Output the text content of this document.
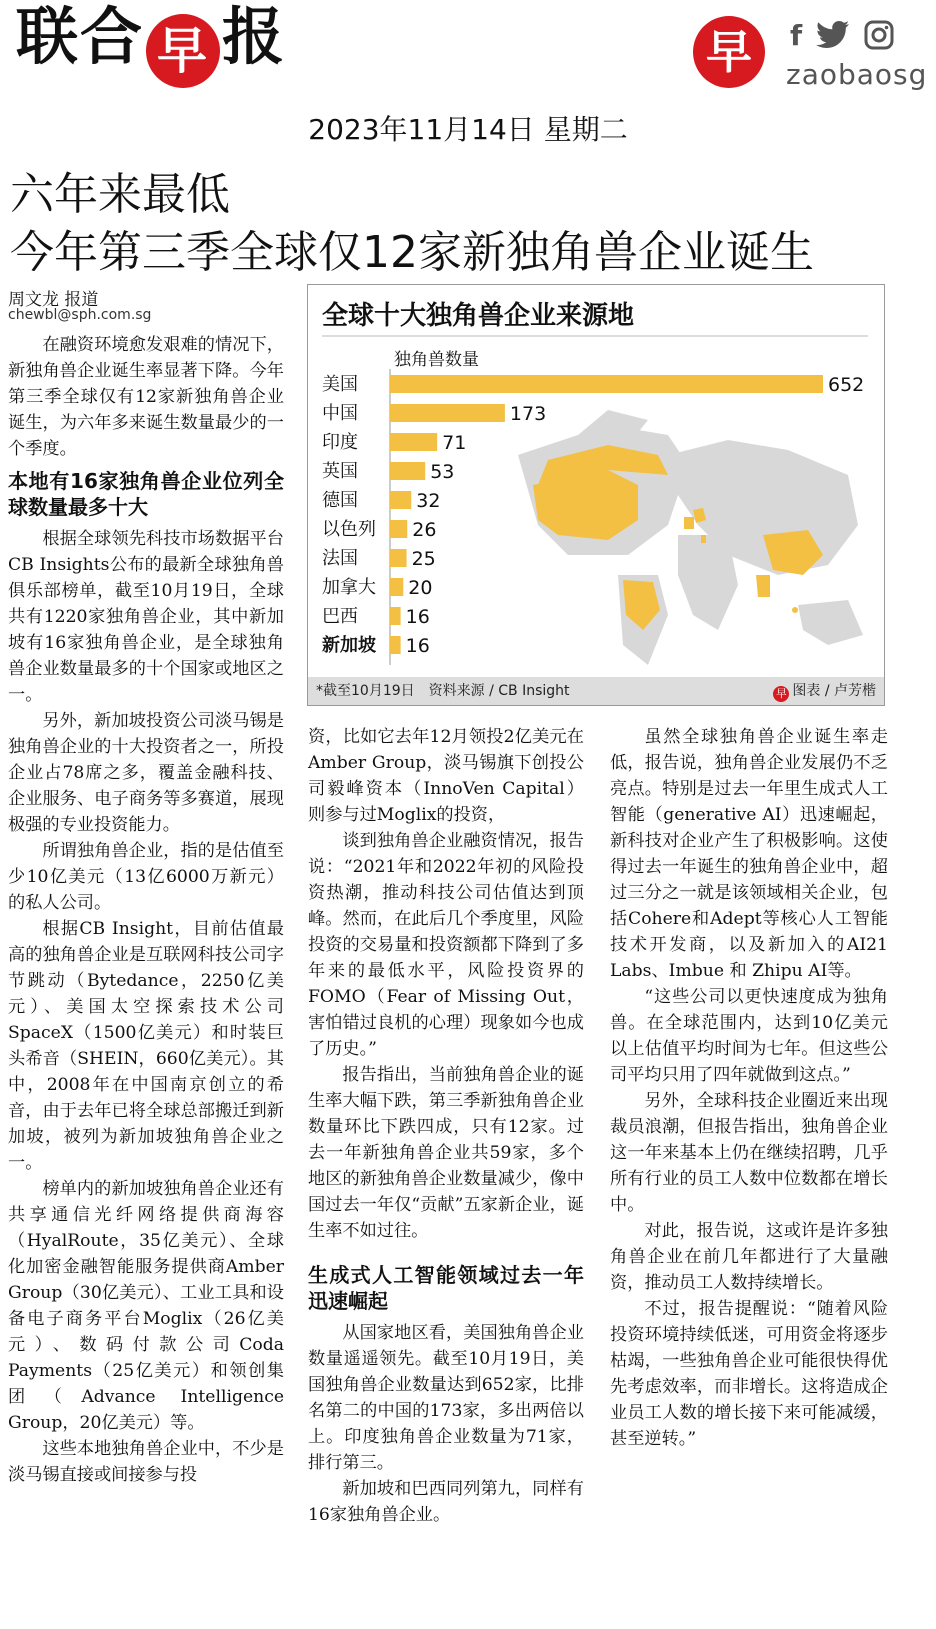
联合 早 报	早	f
zaobaosg
2023年11月14日 星期二
六年来最低
今年第三季全球仅12家新独角兽企业诞生
周文龙 报道
chewbl@sph.com.sg

在融资环境愈发艰难的情况下，新独角兽企业诞生率显著下降。今年第三季全球仅有12家新独角兽企业诞生，为六年多来诞生数量最少的一个季度。

本地有16家独角兽企业位列全球数量最多十大

根据全球领先科技市场数据平台CB Insights公布的最新全球独角兽俱乐部榜单，截至10月19日，全球共有1220家独角兽企业，其中新加坡有16家独角兽企业，是全球独角兽企业数量最多的十个国家或地区之一。

另外，新加坡投资公司淡马锡是独角兽企业的十大投资者之一，所投企业占78席之多，覆盖金融科技、企业服务、电子商务等多赛道，展现极强的专业投资能力。

所谓独角兽企业，指的是估值至少10亿美元（13亿6000万新元）的私人公司。

根据CB Insight，目前估值最高的独角兽企业是互联网科技公司字节跳动（Bytedance，2250亿美元）、美国太空探索技术公司SpaceX（1500亿美元）和时装巨头希音（SHEIN，660亿美元）。其中，2008年在中国南京创立的希音，由于去年已将全球总部搬迁到新加坡，被列为新加坡独角兽企业之一。

榜单内的新加坡独角兽企业还有共享通信光纤网络提供商海容（HyalRoute，35亿美元）、全球化加密金融智能服务提供商Amber Group（30亿美元）、工业工具和设备电子商务平台Moglix（26亿美元）、数码付款公司Coda Payments（25亿美元）和领创集团（Advance Intelligence Group，20亿美元）等。

这些本地独角兽企业中，不少是淡马锡直接或间接参与投

全球十大独角兽企业来源地
独角兽数量
美国	652
中国	173
印度	71
英国	53
德国	32
以色列 26
法国	25
加拿大 20
巴西	16
新加坡 16
*截至10月19日　资料来源 / CB Insight	早 图表 / 卢芳楷

资，比如它去年12月领投2亿美元在Amber Group，淡马锡旗下创投公司毅峰资本（InnoVen Capital）则参与过Moglix的投资，

谈到独角兽企业融资情况，报告说：“2021年和2022年初的风险投资热潮，推动科技公司估值达到顶峰。然而，在此后几个季度里，风险投资的交易量和投资额都下降到了多年来的最低水平，风险投资界的FOMO（Fear of Missing Out，害怕错过良机的心理）现象如今也成了历史。”

报告指出，当前独角兽企业的诞生率大幅下跌，第三季新独角兽企业数量环比下跌四成，只有12家。过去一年新独角兽企业共59家，多个地区的新独角兽企业数量减少，像中国过去一年仅“贡献”五家新企业，诞生率不如过往。

生成式人工智能领域过去一年迅速崛起

从国家地区看，美国独角兽企业数量遥遥领先。截至10月19日，美国独角兽企业数量达到652家，比排名第二的中国的173家，多出两倍以上。印度独角兽企业数量为71家，排行第三。

新加坡和巴西同列第九，同样有16家独角兽企业。

虽然全球独角兽企业诞生率走低，报告说，独角兽企业发展仍不乏亮点。特别是过去一年里生成式人工智能（generative AI）迅速崛起，新科技对企业产生了积极影响。这使得过去一年诞生的独角兽企业中，超过三分之一就是该领域相关企业，包括Cohere和Adept等核心人工智能技术开发商，以及新加入的AI21 Labs、Imbue 和 Zhipu AI等。

“这些公司以更快速度成为独角兽。在全球范围内，达到10亿美元以上估值平均时间为七年。但这些公司平均只用了四年就做到这点。”

另外，全球科技企业圈近来出现裁员浪潮，但报告指出，独角兽企业这一年来基本上仍在继续招聘，几乎所有行业的员工人数中位数都在增长中。

对此，报告说，这或许是许多独角兽企业在前几年都进行了大量融资，推动员工人数持续增长。

不过，报告提醒说：“随着风险投资环境持续低迷，可用资金将逐步枯竭，一些独角兽企业可能很快得优先考虑效率，而非增长。这将造成企业员工人数的增长接下来可能减缓，甚至逆转。”
